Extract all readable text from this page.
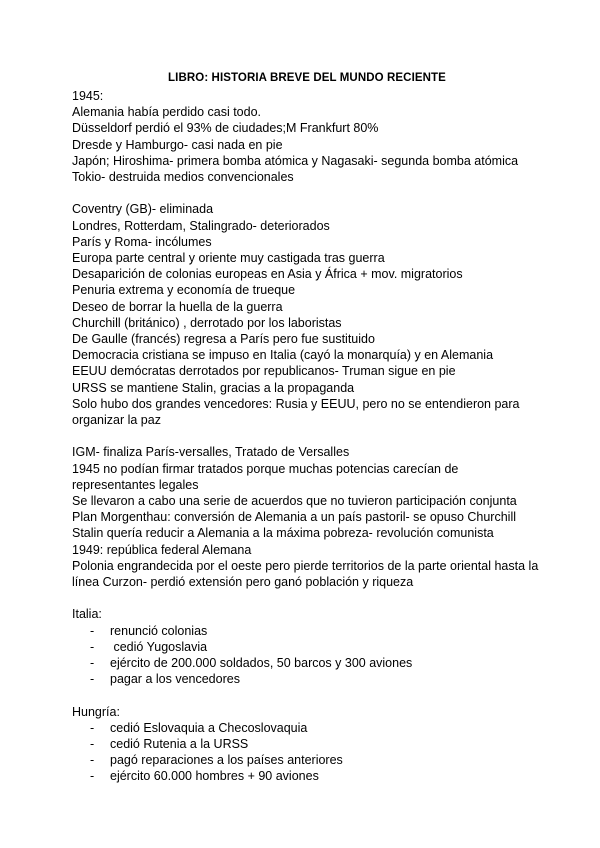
LIBRO: HISTORIA BREVE DEL MUNDO RECIENTE
1945:
Alemania había perdido casi todo.
Düsseldorf perdió el 93% de ciudades;M Frankfurt 80%
Dresde y Hamburgo- casi nada en pie
Japón; Hiroshima- primera bomba atómica y Nagasaki- segunda bomba atómica
Tokio- destruida medios convencionales
Coventry (GB)- eliminada
Londres, Rotterdam, Stalingrado- deteriorados
París y Roma- incólumes
Europa parte central y oriente muy castigada tras guerra
Desaparición de colonias europeas en Asia y África + mov. migratorios
Penuria extrema y economía de trueque
Deseo de borrar la huella de la guerra
Churchill (británico) , derrotado por los laboristas
De Gaulle (francés) regresa a París pero fue sustituido
Democracia cristiana se impuso en Italia (cayó la monarquía) y en Alemania
EEUU demócratas derrotados por republicanos- Truman sigue en pie
URSS se mantiene Stalin, gracias a la propaganda
Solo hubo dos grandes vencedores: Rusia y EEUU, pero no se entendieron para
organizar la paz
IGM- finaliza París-versalles, Tratado de Versalles
1945 no podían firmar tratados porque muchas potencias carecían de
representantes legales
Se llevaron a cabo una serie de acuerdos que no tuvieron participación conjunta
Plan Morgenthau: conversión de Alemania a un país pastoril- se opuso Churchill
Stalin quería reducir a Alemania a la máxima pobreza- revolución comunista
1949: república federal Alemana
Polonia engrandecida por el oeste pero pierde territorios de la parte oriental hasta la
línea Curzon- perdió extensión pero ganó población y riqueza
Italia:
- renunció colonias
- cedió Yugoslavia
- ejército de 200.000 soldados, 50 barcos y 300 aviones
- pagar a los vencedores
Hungría:
- cedió Eslovaquia a Checoslovaquia
- cedió Rutenia a la URSS
- pagó reparaciones a los países anteriores
- ejército 60.000 hombres + 90 aviones
